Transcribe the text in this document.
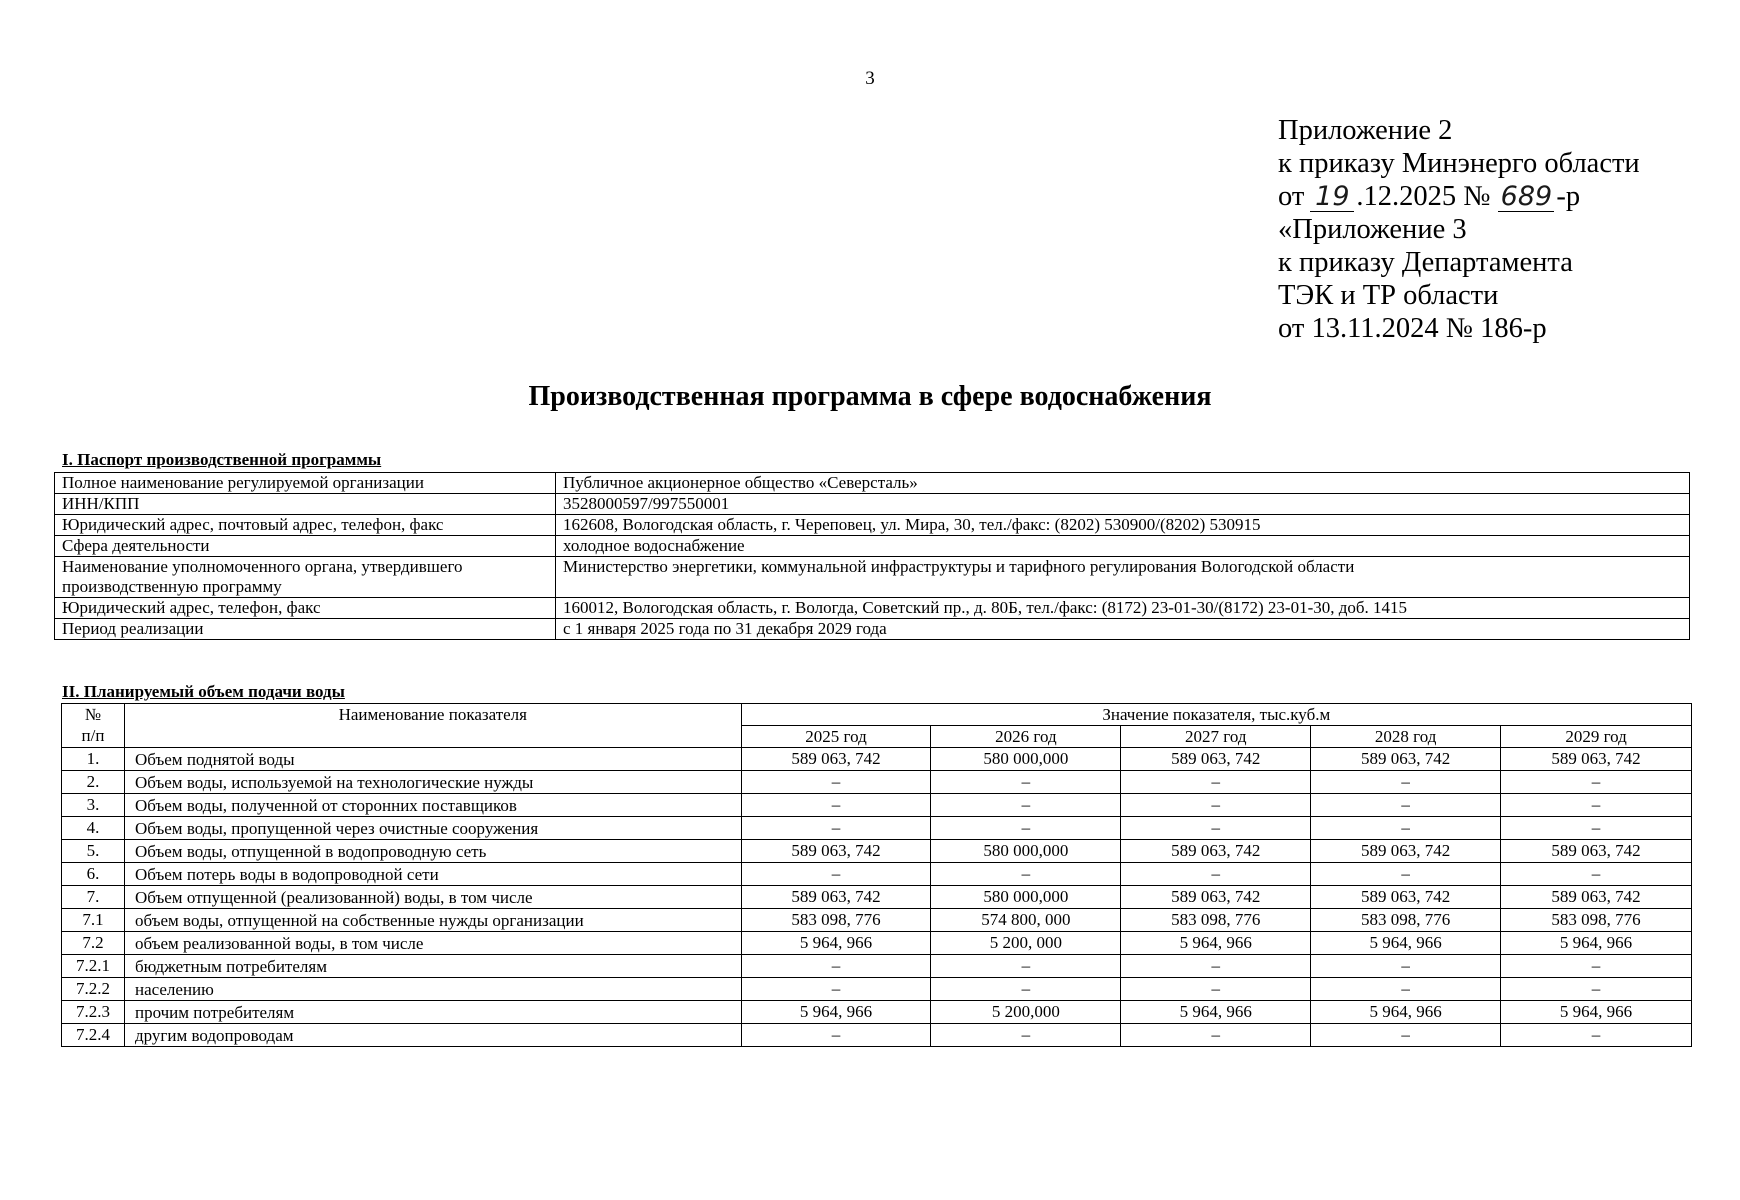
3
Приложение 2
к приказу Минэнерго области
от 19 .12.2025 № 689 -р
«Приложение 3
к приказу Департамента
ТЭК и ТР области
от 13.11.2024 № 186-р
Производственная программа в сфере водоснабжения
I. Паспорт производственной программы
Полное наименование регулируемой организации	Публичное акционерное общество «Северсталь»
ИНН/КПП	3528000597/997550001
Юридический адрес, почтовый адрес, телефон, факс	162608, Вологодская область, г. Череповец, ул. Мира, 30, тел./факс: (8202) 530900/(8202) 530915
Сфера деятельности	холодное водоснабжение
Наименование уполномоченного органа, утвердившего производственную программу	Министерство энергетики, коммунальной инфраструктуры и тарифного регулирования Вологодской области
Юридический адрес, телефон, факс	160012, Вологодская область, г. Вологда, Советский пр., д. 80Б, тел./факс: (8172) 23-01-30/(8172) 23-01-30, доб. 1415
Период реализации	с 1 января 2025 года по 31 декабря 2029 года
II. Планируемый объем подачи воды
№
п/п	Наименование показателя	Значение показателя, тыс.куб.м				
		2025 год	2026 год	2027 год	2028 год	2029 год
1.	Объем поднятой воды	589 063, 742	580 000,000	589 063, 742	589 063, 742	589 063, 742
2.	Объем воды, используемой на технологические нужды	–	–	–	–	–
3.	Объем воды, полученной от сторонних поставщиков	–	–	–	–	–
4.	Объем воды, пропущенной через очистные сооружения	–	–	–	–	–
5.	Объем воды, отпущенной в водопроводную сеть	589 063, 742	580 000,000	589 063, 742	589 063, 742	589 063, 742
6.	Объем потерь воды в водопроводной сети	–	–	–	–	–
7.	Объем отпущенной (реализованной) воды, в том числе	589 063, 742	580 000,000	589 063, 742	589 063, 742	589 063, 742
7.1	объем воды, отпущенной на собственные нужды организации	583 098, 776	574 800, 000	583 098, 776	583 098, 776	583 098, 776
7.2	объем реализованной воды, в том числе	5 964, 966	5 200, 000	5 964, 966	5 964, 966	5 964, 966
7.2.1	бюджетным потребителям	–	–	–	–	–
7.2.2	населению	–	–	–	–	–
7.2.3	прочим потребителям	5 964, 966	5 200,000	5 964, 966	5 964, 966	5 964, 966
7.2.4	другим водопроводам	–	–	–	–	–
